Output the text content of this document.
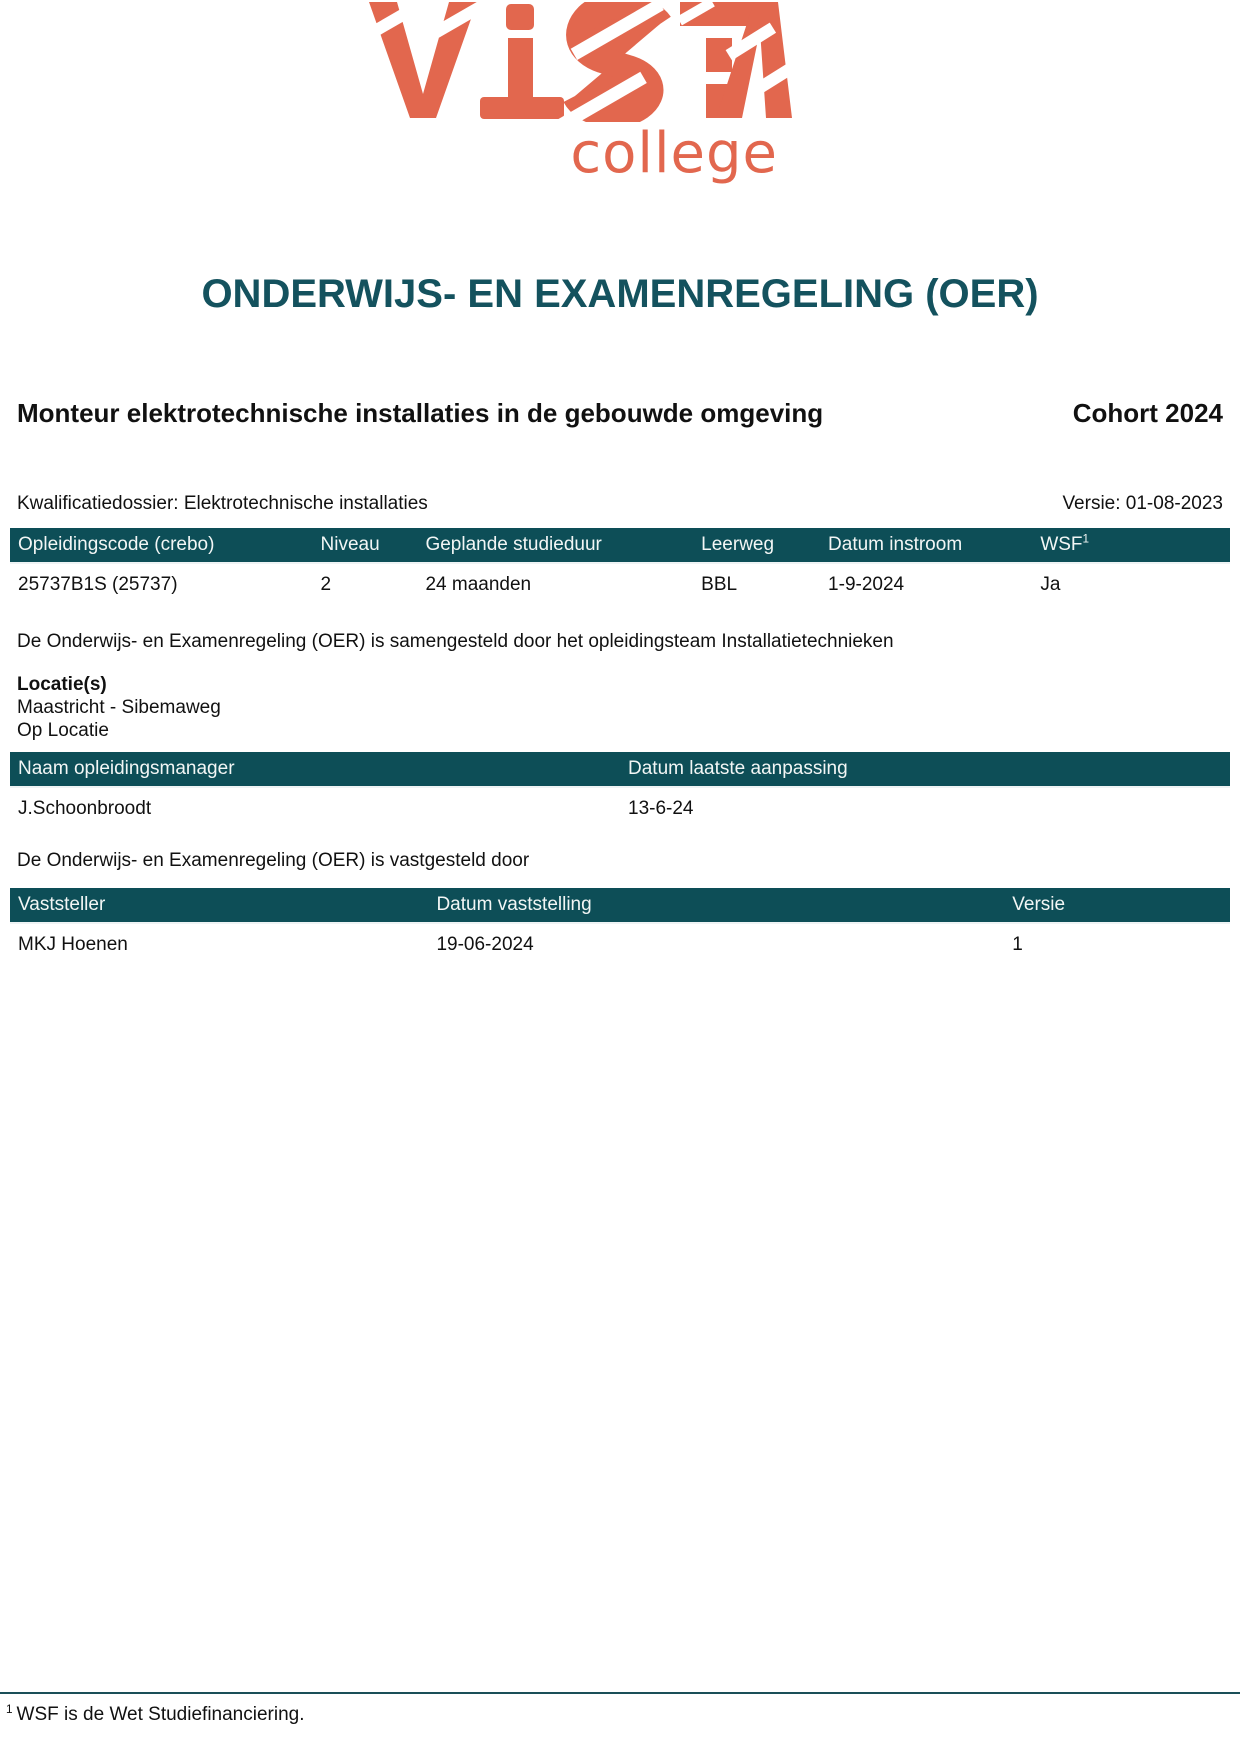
college
ONDERWIJS- EN EXAMENREGELING (OER)
Monteur elektrotechnische installaties in de gebouwde omgeving	Cohort 2024
Kwalificatiedossier: Elektrotechnische installaties	Versie: 01-08-2023
Opleidingscode (crebo)	Niveau	Geplande studieduur	Leerweg	Datum instroom	WSF$^1$
25737B1S (25737)	2	24 maanden	BBL	1-9-2024	Ja

De Onderwijs- en Examenregeling (OER) is samengesteld door het opleidingsteam Installatietechnieken

Locatie(s)
Maastricht - Sibemaweg
Op Locatie
Naam opleidingsmanager	Datum laatste aanpassing
J.Schoonbroodt	13-6-24

De Onderwijs- en Examenregeling (OER) is vastgesteld door

Vaststeller	Datum vaststelling	Versie
MKJ Hoenen	19-06-2024	1
$^1$ WSF is de Wet Studiefinanciering.
